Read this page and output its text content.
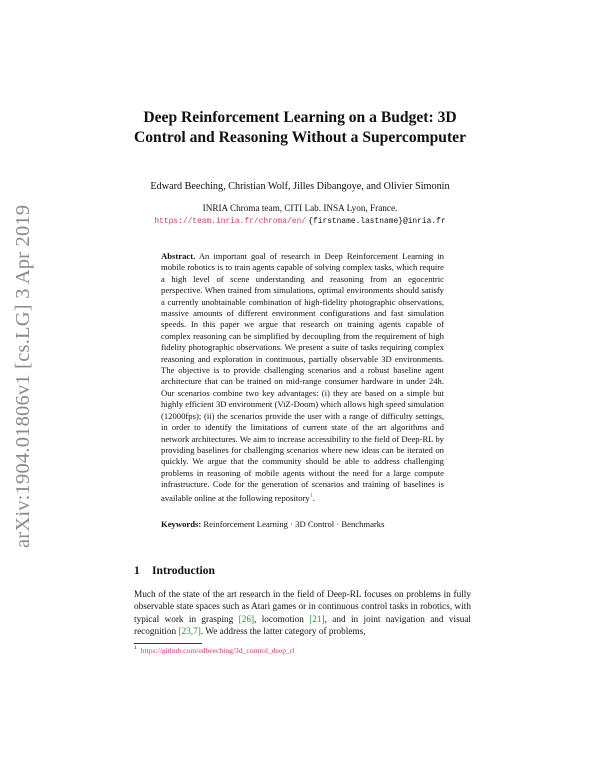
arXiv:1904.01806v1 [cs.LG] 3 Apr 2019
Deep Reinforcement Learning on a Budget: 3D Control and Reasoning Without a Supercomputer
Edward Beeching, Christian Wolf, Jilles Dibangoye, and Olivier Simonin
INRIA Chroma team, CITI Lab. INSA Lyon, France.
https://team.inria.fr/chroma/en/ {firstname.lastname}@inria.fr
Abstract. An important goal of research in Deep Reinforcement Learning in mobile robotics is to train agents capable of solving complex tasks, which require a high level of scene understanding and reasoning from an egocentric perspective. When trained from simulations, optimal environments should satisfy a currently unobtainable combination of high-fidelity photographic observations, massive amounts of different environment configurations and fast simulation speeds. In this paper we argue that research on training agents capable of complex reasoning can be simplified by decoupling from the requirement of high fidelity photographic observations. We present a suite of tasks requiring complex reasoning and exploration in continuous, partially observable 3D environments. The objective is to provide challenging scenarios and a robust baseline agent architecture that can be trained on mid-range consumer hardware in under 24h. Our scenarios combine two key advantages: (i) they are based on a simple but highly efficient 3D environment (ViZ-Doom) which allows high speed simulation (12000fps); (ii) the scenarios provide the user with a range of difficulty settings, in order to identify the limitations of current state of the art algorithms and network architectures. We aim to increase accessibility to the field of Deep-RL by providing baselines for challenging scenarios where new ideas can be iterated on quickly. We argue that the community should be able to address challenging problems in reasoning of mobile agents without the need for a large compute infrastructure. Code for the generation of scenarios and training of baselines is available online at the following repository$^1$.
Keywords: Reinforcement Learning · 3D Control · Benchmarks
1 Introduction
Much of the state of the art research in the field of Deep-RL focuses on problems in fully observable state spaces such as Atari games or in continuous control tasks in robotics, with typical work in grasping [26], locomotion [21], and in joint navigation and visual recognition [23,7]. We address the latter category of problems,
$^1$ https://github.com/edbeeching/3d_control_deep_rl
